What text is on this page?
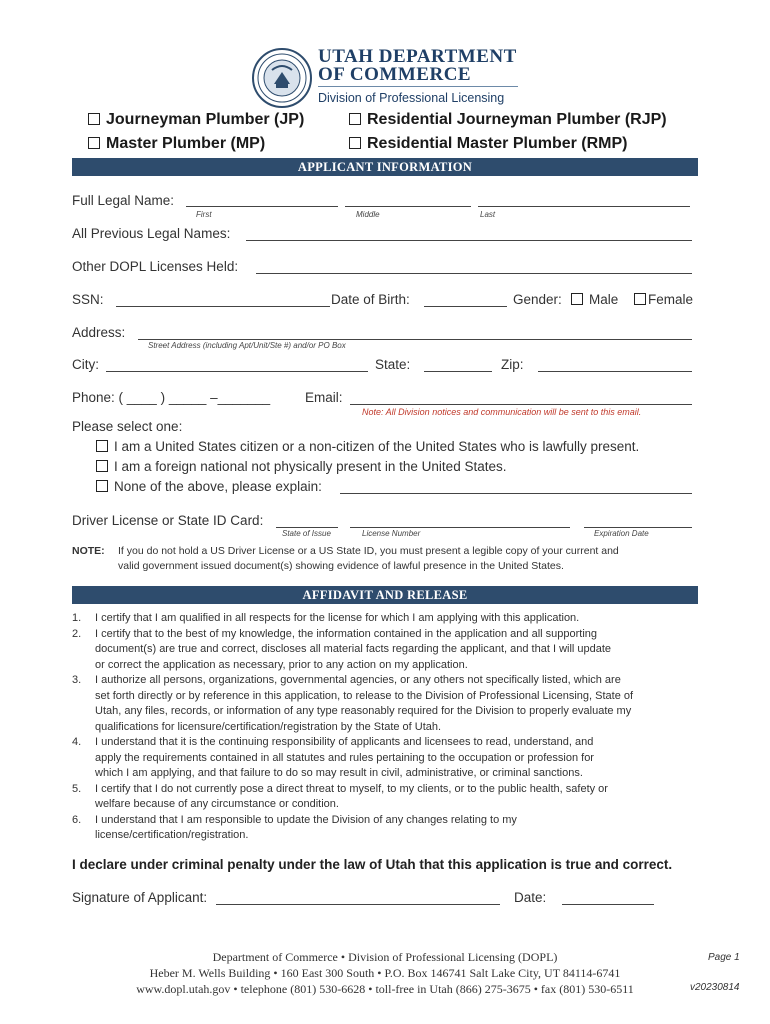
UTAH DEPARTMENT
OF COMMERCE
Division of Professional Licensing
Journeyman Plumber (JP)	Residential Journeyman Plumber (RJP)
Master Plumber (MP)	Residential Master Plumber (RMP)
APPLICANT INFORMATION
Full Legal Name:
First	Middle	Last
All Previous Legal Names:
Other DOPL Licenses Held:
SSN:	Date of Birth:	Gender:	Male	Female
Address:
Street Address (including Apt/Unit/Ste #) and/or PO Box
City:	State:	Zip:
Phone: ( ____ ) _____ –_______	Email:
Note: All Division notices and communication will be sent to this email.
Please select one:
I am a United States citizen or a non-citizen of the United States who is lawfully present.
I am a foreign national not physically present in the United States.
None of the above, please explain:
Driver License or State ID Card:
State of Issue	License Number	Expiration Date
NOTE: If you do not hold a US Driver License or a US State ID, you must present a legible copy of your current and
valid government issued document(s) showing evidence of lawful presence in the United States.
AFFIDAVIT AND RELEASE
1. I certify that I am qualified in all respects for the license for which I am applying with this application.
2. I certify that to the best of my knowledge, the information contained in the application and all supporting
document(s) are true and correct, discloses all material facts regarding the applicant, and that I will update
or correct the application as necessary, prior to any action on my application.
3. I authorize all persons, organizations, governmental agencies, or any others not specifically listed, which are
set forth directly or by reference in this application, to release to the Division of Professional Licensing, State of
Utah, any files, records, or information of any type reasonably required for the Division to properly evaluate my
qualifications for licensure/certification/registration by the State of Utah.
4. I understand that it is the continuing responsibility of applicants and licensees to read, understand, and
apply the requirements contained in all statutes and rules pertaining to the occupation or profession for
which I am applying, and that failure to do so may result in civil, administrative, or criminal sanctions.
5. I certify that I do not currently pose a direct threat to myself, to my clients, or to the public health, safety or
welfare because of any circumstance or condition.
6. I understand that I am responsible to update the Division of any changes relating to my
license/certification/registration.
I declare under criminal penalty under the law of Utah that this application is true and correct.
Signature of Applicant:	Date:
Department of Commerce • Division of Professional Licensing (DOPL)
Heber M. Wells Building • 160 East 300 South • P.O. Box 146741 Salt Lake City, UT 84114-6741
www.dopl.utah.gov • telephone (801) 530-6628 • toll-free in Utah (866) 275-3675 • fax (801) 530-6511
Page 1
v20230814
